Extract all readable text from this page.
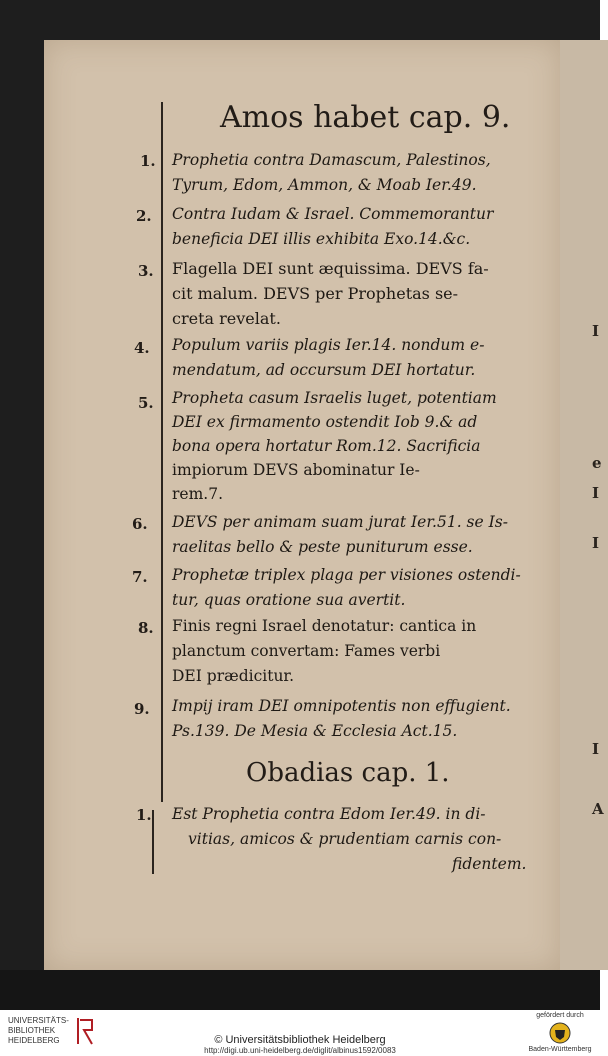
I
e
I
I
I
A
Amos habet cap. 9.
1.
2.
3.
4.
5.
6.
7.
8.
9.
1.
Prophetia contra Damascum, Palestinos,
Tyrum, Edom, Ammon, & Moab Ier.49.
Contra Iudam & Israel. Commemorantur
beneficia DEI illis exhibita Exo.14.&c.
Flagella DEI sunt æquissima. DEVS fa-
cit malum. DEVS per Prophetas se-
creta revelat.
Populum variis plagis Ier.14. nondum e-
mendatum, ad occursum DEI hortatur.
Propheta casum Israelis luget, potentiam
DEI ex firmamento ostendit Iob 9.& ad
bona opera hortatur Rom.12. Sacrificia
impiorum DEVS abominatur Ie-
rem.7.
DEVS per animam suam jurat Ier.51. se Is-
raelitas bello & peste puniturum esse.
Prophetæ triplex plaga per visiones ostendi-
tur, quas oratione sua avertit.
Finis regni Israel denotatur: cantica in
planctum convertam: Fames verbi
DEI prædicitur.
Impij iram DEI omnipotentis non effugient.
Ps.139. De Mesia & Ecclesia Act.15.
Obadias cap. 1.
Est Prophetia contra Edom Ier.49. in di-
vitias, amicos & prudentiam carnis con-
fidentem.
UNIVERSITÄTS-
BIBLIOTHEK
HEIDELBERG	© Universitätsbibliothek Heidelberg
http://digi.ub.uni-heidelberg.de/diglit/albinus1592/0083
gefördert durch
Baden-Württemberg
